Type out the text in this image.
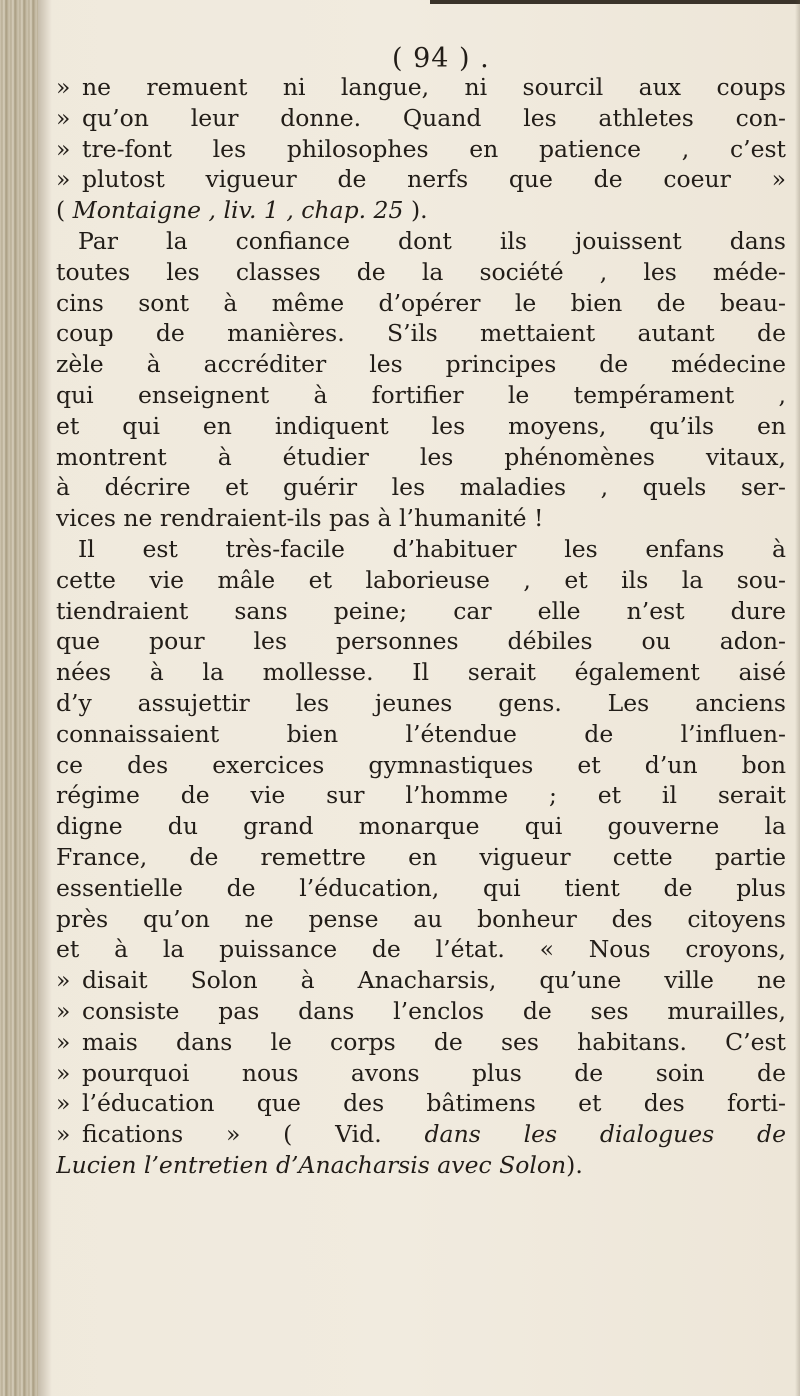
( 94 ) .
» ne remuent ni langue, ni sourcil aux coups
» qu’on leur donne. Quand les athletes con-
» tre-font les philosophes en patience , c’est
» plutost vigueur de nerfs que de coeur »
( Montaigne , liv. 1 , chap. 25 ).
Par la confiance dont ils jouissent dans
toutes les classes de la société , les méde-
cins sont à même d’opérer le bien de beau-
coup de manières. S’ils mettaient autant de
zèle à accréditer les principes de médecine
qui enseignent à fortifier le tempérament ,
et qui en indiquent les moyens, qu’ils en
montrent à étudier les phénomènes vitaux,
à décrire et guérir les maladies , quels ser-
vices ne rendraient-ils pas à l’humanité !
Il est très-facile d’habituer les enfans à
cette vie mâle et laborieuse , et ils la sou-
tiendraient sans peine; car elle n’est dure
que pour les personnes débiles ou adon-
nées à la mollesse. Il serait également aisé
d’y assujettir les jeunes gens. Les anciens
connaissaient bien l’étendue de l’influen-
ce des exercices gymnastiques et d’un bon
régime de vie sur l’homme ; et il serait
digne du grand monarque qui gouverne la
France, de remettre en vigueur cette partie
essentielle de l’éducation, qui tient de plus
près qu’on ne pense au bonheur des citoyens
et à la puissance de l’état. « Nous croyons,
» disait Solon à Anacharsis, qu’une ville ne
» consiste pas dans l’enclos de ses murailles,
» mais dans le corps de ses habitans. C’est
» pourquoi nous avons plus de soin de
» l’éducation que des bâtimens et des forti-
» fications » ( Vid. dans les dialogues de
Lucien l’entretien d’Anacharsis avec Solon).
